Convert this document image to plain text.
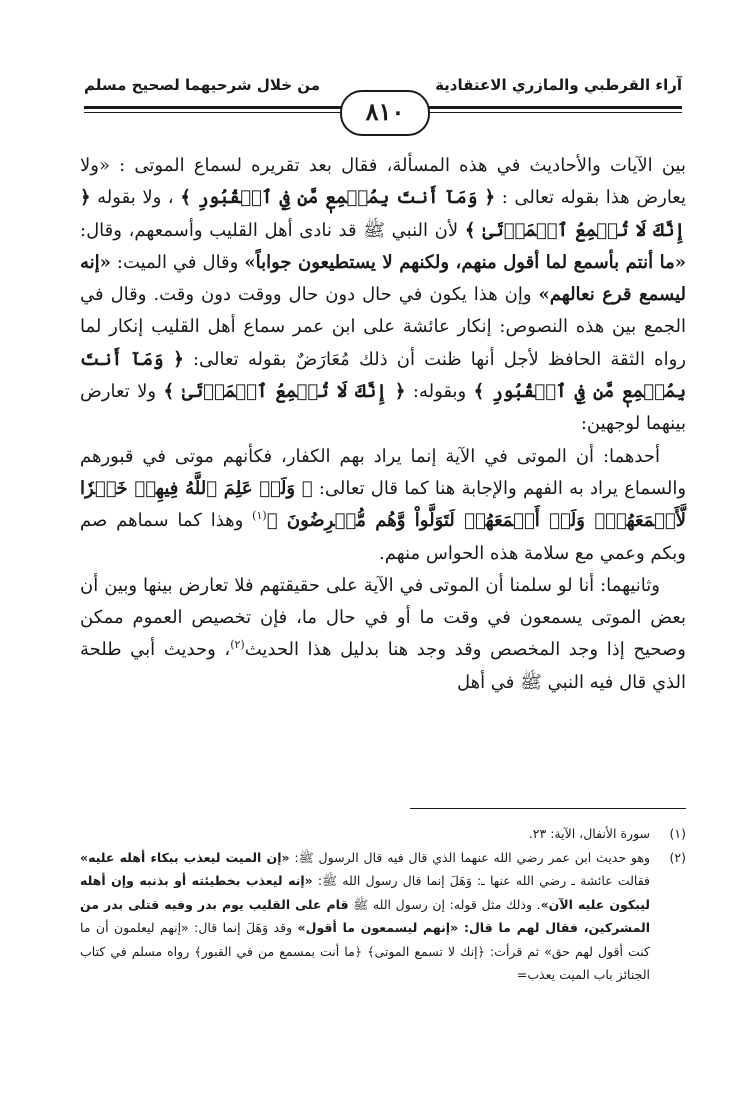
آراء القرطبي والمازري الاعتقادية
من خلال شرحيهما لصحيح مسلم
٨١٠

بين الآيات والأحاديث في هذه المسألة، فقال بعد تقريره لسماع الموتى : «ولا يعارض هذا بقوله تعالى : ﴿ وَمَآ أَنتَ بِمُسۡمِعٖ مَّن فِي ٱلۡقُبُورِ ﴾ ، ولا بقوله ﴿ إِنَّكَ لَا تُسۡمِعُ ٱلۡمَوۡتَىٰ ﴾ لأن النبي ﷺ قد نادى أهل القليب وأسمعهم، وقال: «ما أنتم بأسمع لما أقول منهم، ولكنهم لا يستطيعون جواباً» وقال في الميت: «إنه ليسمع قرع نعالهم» وإن هذا يكون في حال دون حال ووقت دون وقت. وقال في الجمع بين هذه النصوص: إنكار عائشة على ابن عمر سماع أهل القليب إنكار لما رواه الثقة الحافظ لأجل أنها ظنت أن ذلك مُعَارَضٌ بقوله تعالى: ﴿ وَمَآ أَنتَ بِمُسۡمِعٖ مَّن فِي ٱلۡقُبُورِ ﴾ وبقوله: ﴿ إِنَّكَ لَا تُسۡمِعُ ٱلۡمَوۡتَىٰ ﴾ ولا تعارض بينهما لوجهين:

أحدهما: أن الموتى في الآية إنما يراد بهم الكفار، فكأنهم موتى في قبورهم والسماع يراد به الفهم والإجابة هنا كما قال تعالى: ﴿ وَلَوۡ عَلِمَ ٱللَّهُ فِيهِمۡ خَيۡرٗا لَّأَسۡمَعَهُمۡۖ وَلَوۡ أَسۡمَعَهُمۡ لَتَوَلَّواْ وَّهُم مُّعۡرِضُونَ ﴾$^{(١)}$ وهذا كما سماهم صم وبكم وعمي مع سلامة هذه الحواس منهم.

وثانيهما: أنا لو سلمنا أن الموتى في الآية على حقيقتهم فلا تعارض بينها وبين أن بعض الموتى يسمعون في وقت ما أو في حال ما، فإن تخصيص العموم ممكن وصحيح إذا وجد المخصص وقد وجد هنا بدليل هذا الحديث$^{(٢)}$، وحديث أبي طلحة الذي قال فيه النبي ﷺ في أهل

(١)
سورة الأنفال، الآية: ٢٣.

(٢)
وهو حديث ابن عمر رضي الله عنهما الذي قال فيه قال الرسول ﷺ: «إن الميت ليعذب ببكاء أهله عليه» فقالت عائشة ـ رضي الله عنها ـ: وَهَلَ إنما قال رسول الله ﷺ: «إنه ليعذب بخطيئته أو بذنبه وإن أهله ليبكون عليه الآن». وذلك مثل قوله: إن رسول الله ﷺ قام على القليب يوم بدر وفيه قتلى بدر من المشركين، فقال لهم ما قال: «إنهم ليسمعون ما أقول» وقد وَهَلَ إنما قال: «إنهم ليعلمون أن ما كنت أقول لهم حق» ثم قرأت: ﴿إنك لا تسمع الموتى﴾ ﴿ما أنت بمسمع من في القبور﴾ رواه مسلم في كتاب الجنائز باب الميت يعذب=
